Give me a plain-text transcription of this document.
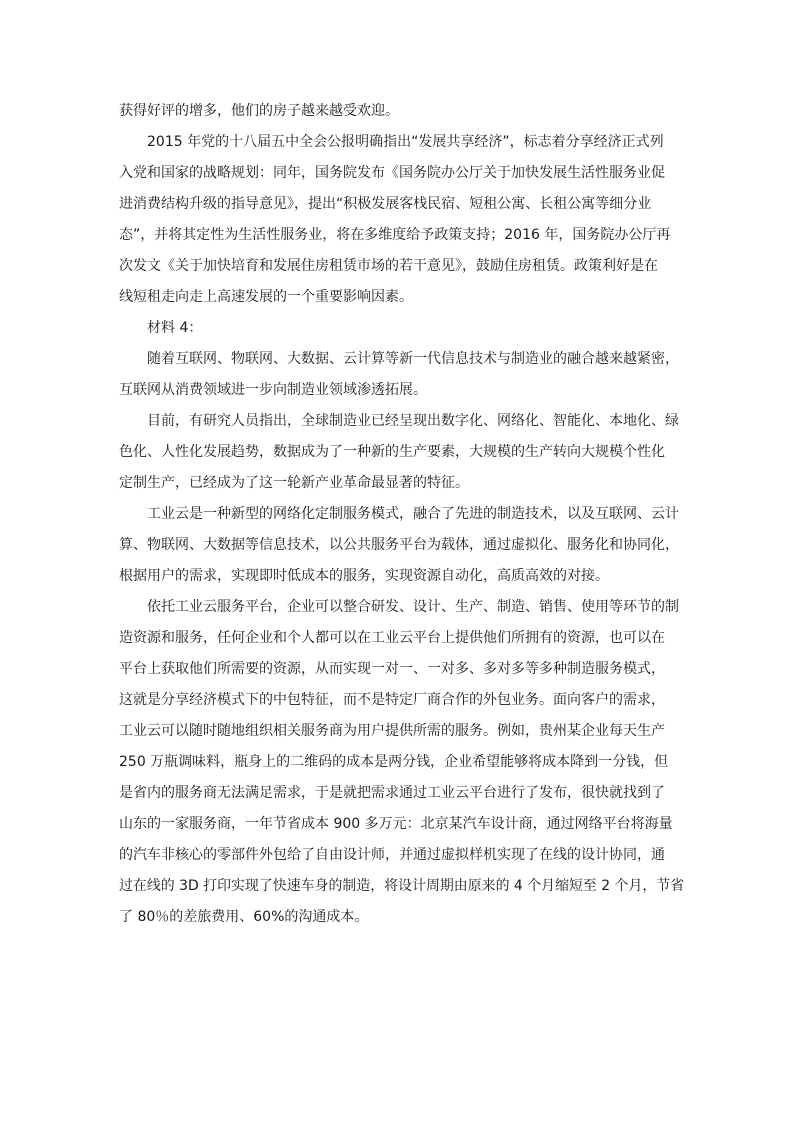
获得好评的增多，他们的房子越来越受欢迎。

2015 年党的十八届五中全会公报明确指出“发展共享经济”，标志着分享经济正式列

入党和国家的战略规划：同年，国务院发布《国务院办公厅关于加快发展生活性服务业促

进消费结构升级的指导意见》，提出“积极发展客栈民宿、短租公寓、长租公寓等细分业

态”，并将其定性为生活性服务业，将在多维度给予政策支持；2016 年，国务院办公厅再

次发文《关于加快培育和发展住房租赁市场的若干意见》，鼓励住房租赁。政策利好是在

线短租走向走上高速发展的一个重要影响因素。

材料 4：

随着互联网、物联网、大数据、云计算等新一代信息技术与制造业的融合越来越紧密，

互联网从消费领域进一步向制造业领域渗透拓展。

目前，有研究人员指出，全球制造业已经呈现出数字化、网络化、智能化、本地化、绿

色化、人性化发展趋势，数据成为了一种新的生产要素，大规模的生产转向大规模个性化

定制生产，已经成为了这一轮新产业革命最显著的特征。

工业云是一种新型的网络化定制服务模式，融合了先进的制造技术，以及互联网、云计

算、物联网、大数据等信息技术，以公共服务平台为载体，通过虚拟化、服务化和协同化，

根据用户的需求，实现即时低成本的服务，实现资源自动化，高质高效的对接。

依托工业云服务平台，企业可以整合研发、设计、生产、制造、销售、使用等环节的制

造资源和服务，任何企业和个人都可以在工业云平台上提供他们所拥有的资源，也可以在

平台上获取他们所需要的资源，从而实现一对一、一对多、多对多等多种制造服务模式，

这就是分享经济模式下的中包特征，而不是特定厂商合作的外包业务。面向客户的需求，

工业云可以随时随地组织相关服务商为用户提供所需的服务。例如，贵州某企业每天生产

250 万瓶调味料，瓶身上的二维码的成本是两分钱，企业希望能够将成本降到一分钱，但

是省内的服务商无法满足需求，于是就把需求通过工业云平台进行了发布，很快就找到了

山东的一家服务商，一年节省成本 900 多万元：北京某汽车设计商，通过网络平台将海量

的汽车非核心的零部件外包给了自由设计师，并通过虚拟样机实现了在线的设计协同，通

过在线的 3D 打印实现了快速车身的制造，将设计周期由原来的 4 个月缩短至 2 个月，节省

了 80％的差旅费用、60%的沟通成本。
